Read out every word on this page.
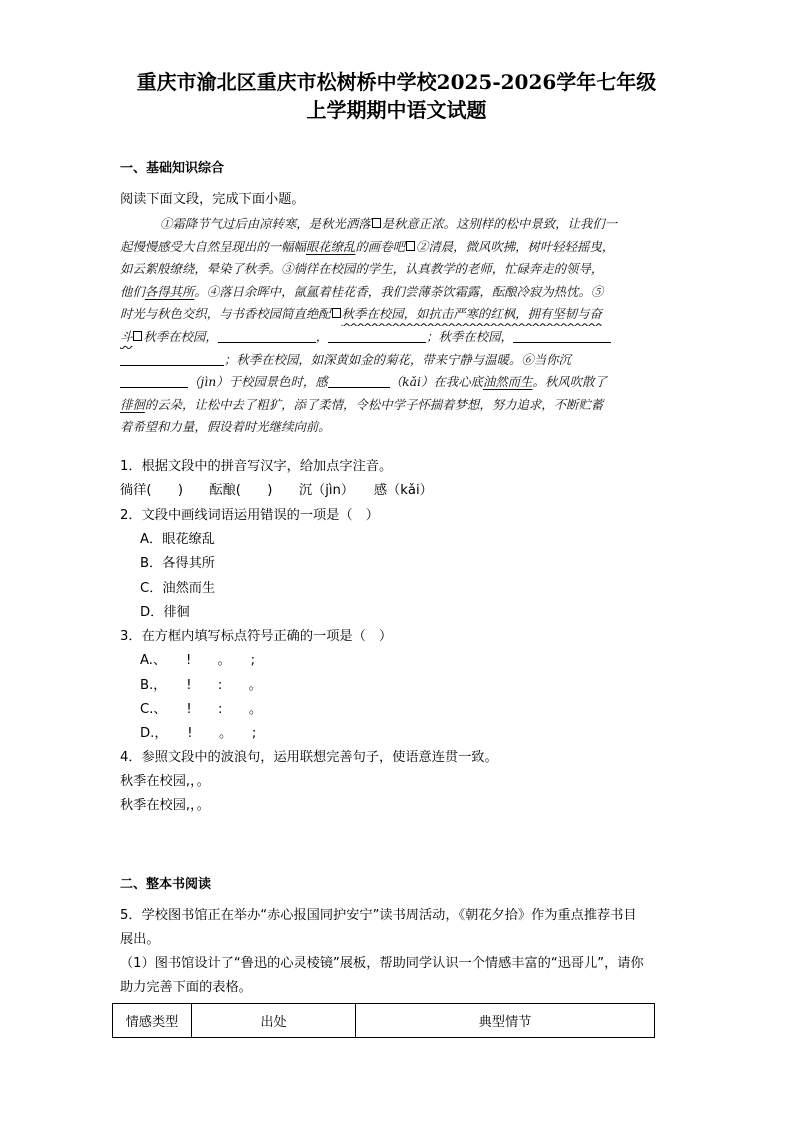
重庆市渝北区重庆市松树桥中学校2025-2026学年七年级
上学期期中语文试题
一、基础知识综合
阅读下面文段，完成下面小题。

①霜降节气过后由凉转寒，是秋光洒落 是秋意正浓。这别样的松中景致，让我们一

起慢慢感受大自然呈现出的一幅幅眼花缭乱的画卷吧 ②清晨，微风吹拂，树叶轻轻摇曳，

如云絮般缭绕，晕染了秋季。③徜徉在校园的学生，认真教学的老师，忙碌奔走的领导，

他们各得其所。④落日余晖中，氤氲着桂花香，我们尝薄荼饮霜露，酝酿冷寂为热忱。⑤

时光与秋色交织，与书香校园简直绝配 秋季在校园，如抗击严寒的红枫，拥有坚韧与奋

斗 秋季在校园，	，	；秋季在校园，

；秋季在校园，如深黄如金的菊花，带来宁静与温暖。⑥当你沉

（jìn）于校园景色时，感	（kǎi）在我心底油然而生。秋风吹散了

徘徊的云朵，让松中去了粗犷，添了柔情，令松中学子怀揣着梦想，努力追求，不断贮蓄

着希望和力量，假设着时光继续向前。

1．根据文段中的拼音写汉字，给加点字注音。
徜徉(　　)　　酝酿(　　)　　沉（jìn）　　感（kǎi）
2．文段中画线词语运用错误的一项是（　）
A．眼花缭乱
B．各得其所
C．油然而生
D．徘徊
3．在方框内填写标点符号正确的一项是（　）
A.、　　!　　。　　;
B.，　　!　　:　　。
C.、　　!　　:　　。
D.，　　!　　。　　;
4．参照文段中的波浪句，运用联想完善句子，使语意连贯一致。
秋季在校园,，。
秋季在校园,，。
二、整本书阅读
5．学校图书馆正在举办“赤心报国同护安宁”读书周活动，《朝花夕拾》作为重点推荐书目
展出。
（1）图书馆设计了“鲁迅的心灵棱镜”展板，帮助同学认识一个情感丰富的“迅哥儿”，请你
助力完善下面的表格。
情感类型	出处	典型情节
